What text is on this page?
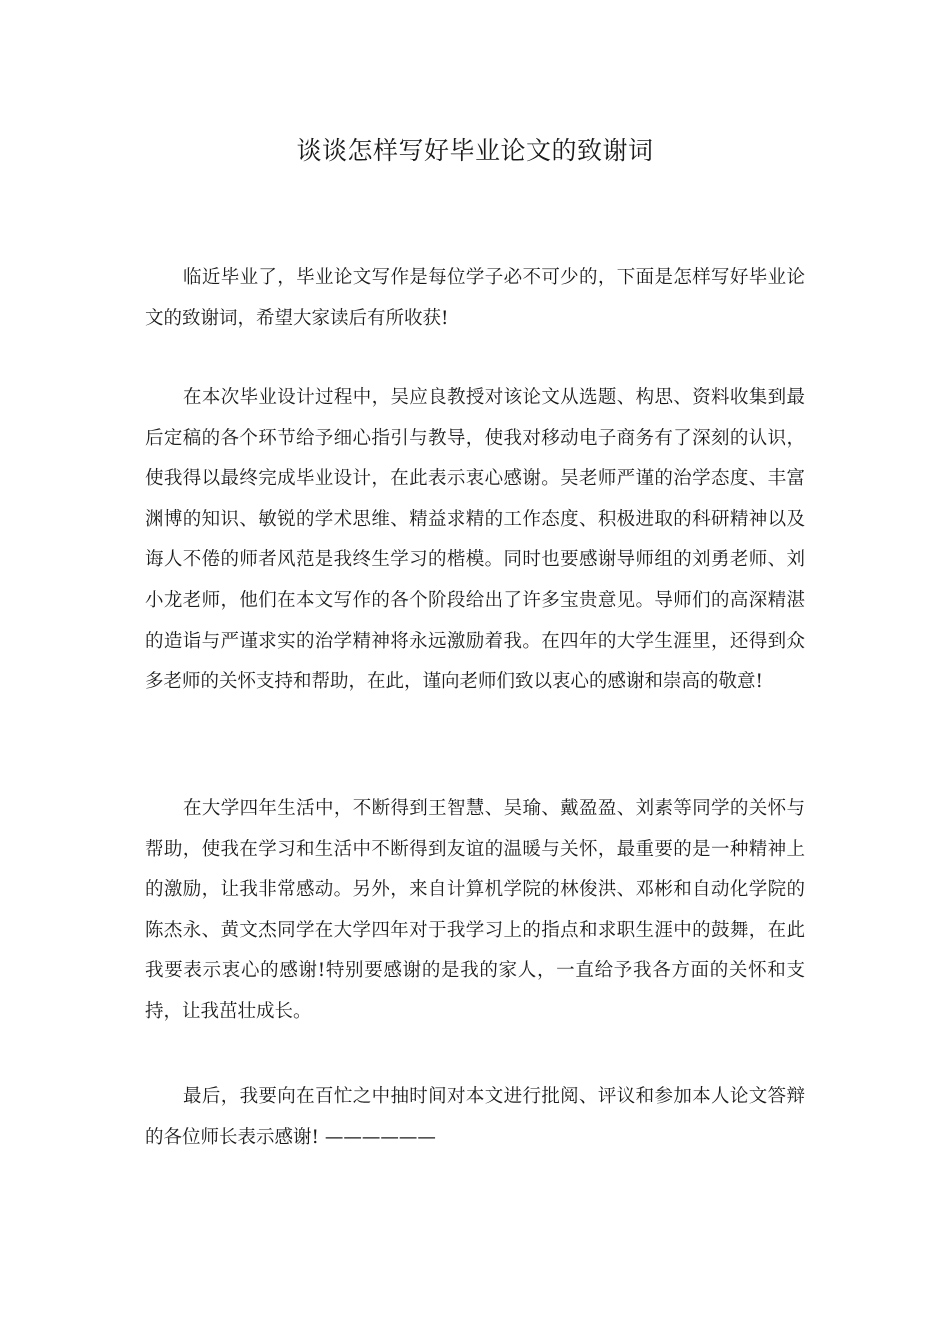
谈谈怎样写好毕业论文的致谢词

临近毕业了，毕业论文写作是每位学子必不可少的，下面是怎样写好毕业论文的致谢词，希望大家读后有所收获!

在本次毕业设计过程中，吴应良教授对该论文从选题、构思、资料收集到最后定稿的各个环节给予细心指引与教导，使我对移动电子商务有了深刻的认识，使我得以最终完成毕业设计，在此表示衷心感谢。吴老师严谨的治学态度、丰富渊博的知识、敏锐的学术思维、精益求精的工作态度、积极进取的科研精神以及诲人不倦的师者风范是我终生学习的楷模。同时也要感谢导师组的刘勇老师、刘小龙老师，他们在本文写作的各个阶段给出了许多宝贵意见。导师们的高深精湛的造诣与严谨求实的治学精神将永远激励着我。在四年的大学生涯里，还得到众多老师的关怀支持和帮助，在此，谨向老师们致以衷心的感谢和崇高的敬意!

在大学四年生活中，不断得到王智慧、吴瑜、戴盈盈、刘素等同学的关怀与帮助，使我在学习和生活中不断得到友谊的温暖与关怀，最重要的是一种精神上的激励，让我非常感动。另外，来自计算机学院的林俊洪、邓彬和自动化学院的陈杰永、黄文杰同学在大学四年对于我学习上的指点和求职生涯中的鼓舞，在此我要表示衷心的感谢!特别要感谢的是我的家人，一直给予我各方面的关怀和支持，让我茁壮成长。

最后，我要向在百忙之中抽时间对本文进行批阅、评议和参加本人论文答辩的各位师长表示感谢! ——————
